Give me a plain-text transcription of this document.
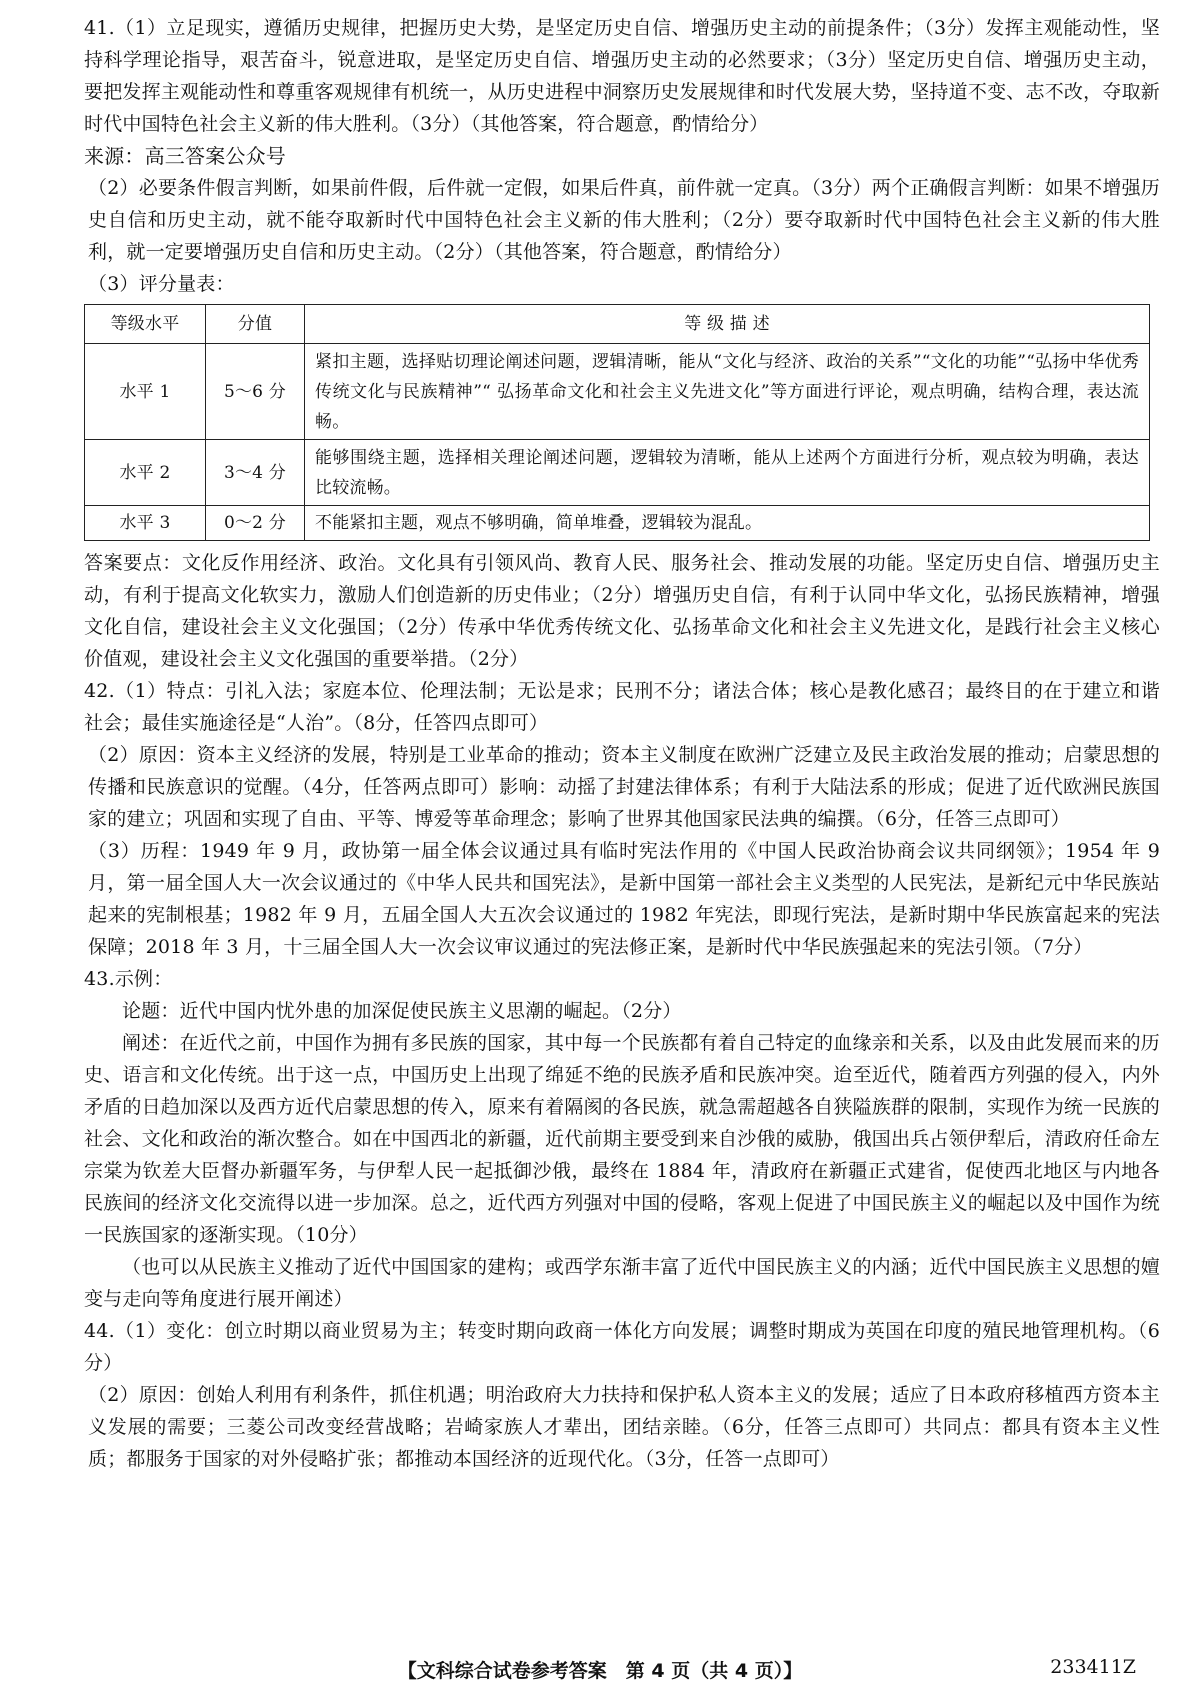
41.（1）立足现实，遵循历史规律，把握历史大势，是坚定历史自信、增强历史主动的前提条件；（3分）发挥主观能动性，坚持科学理论指导，艰苦奋斗，锐意进取，是坚定历史自信、增强历史主动的必然要求；（3分）坚定历史自信、增强历史主动，要把发挥主观能动性和尊重客观规律有机统一，从历史进程中洞察历史发展规律和时代发展大势，坚持道不变、志不改，夺取新时代中国特色社会主义新的伟大胜利。（3分）（其他答案，符合题意，酌情给分）

来源：高三答案公众号

（2）必要条件假言判断，如果前件假，后件就一定假，如果后件真，前件就一定真。（3分）两个正确假言判断：如果不增强历史自信和历史主动，就不能夺取新时代中国特色社会主义新的伟大胜利；（2分）要夺取新时代中国特色社会主义新的伟大胜利，就一定要增强历史自信和历史主动。（2分）（其他答案，符合题意，酌情给分）

（3）评分量表：

等级水平	分值	等 级 描 述
水平 1	5～6 分	紧扣主题，选择贴切理论阐述问题，逻辑清晰，能从“文化与经济、政治的关系”“文化的功能”“弘扬中华优秀传统文化与民族精神”“ 弘扬革命文化和社会主义先进文化”等方面进行评论，观点明确，结构合理，表达流畅。
水平 2	3～4 分	能够围绕主题，选择相关理论阐述问题，逻辑较为清晰，能从上述两个方面进行分析，观点较为明确，表达比较流畅。
水平 3	0～2 分	不能紧扣主题，观点不够明确，简单堆叠，逻辑较为混乱。

答案要点：文化反作用经济、政治。文化具有引领风尚、教育人民、服务社会、推动发展的功能。坚定历史自信、增强历史主动，有利于提高文化软实力，激励人们创造新的历史伟业；（2分）增强历史自信，有利于认同中华文化，弘扬民族精神，增强文化自信，建设社会主义文化强国；（2分）传承中华优秀传统文化、弘扬革命文化和社会主义先进文化，是践行社会主义核心价值观，建设社会主义文化强国的重要举措。（2分）

42.（1）特点：引礼入法；家庭本位、伦理法制；无讼是求；民刑不分；诸法合体；核心是教化感召；最终目的在于建立和谐社会；最佳实施途径是“人治”。（8分，任答四点即可）

（2）原因：资本主义经济的发展，特别是工业革命的推动；资本主义制度在欧洲广泛建立及民主政治发展的推动；启蒙思想的传播和民族意识的觉醒。（4分，任答两点即可）影响：动摇了封建法律体系；有利于大陆法系的形成；促进了近代欧洲民族国家的建立；巩固和实现了自由、平等、博爱等革命理念；影响了世界其他国家民法典的编撰。（6分，任答三点即可）

（3）历程：1949 年 9 月，政协第一届全体会议通过具有临时宪法作用的《中国人民政治协商会议共同纲领》；1954 年 9 月，第一届全国人大一次会议通过的《中华人民共和国宪法》，是新中国第一部社会主义类型的人民宪法，是新纪元中华民族站起来的宪制根基；1982 年 9 月，五届全国人大五次会议通过的 1982 年宪法，即现行宪法，是新时期中华民族富起来的宪法保障；2018 年 3 月，十三届全国人大一次会议审议通过的宪法修正案，是新时代中华民族强起来的宪法引领。（7分）

43.示例：

论题：近代中国内忧外患的加深促使民族主义思潮的崛起。（2分）

阐述：在近代之前，中国作为拥有多民族的国家，其中每一个民族都有着自己特定的血缘亲和关系，以及由此发展而来的历史、语言和文化传统。出于这一点，中国历史上出现了绵延不绝的民族矛盾和民族冲突。迨至近代，随着西方列强的侵入，内外矛盾的日趋加深以及西方近代启蒙思想的传入，原来有着隔阂的各民族，就急需超越各自狭隘族群的限制，实现作为统一民族的社会、文化和政治的渐次整合。如在中国西北的新疆，近代前期主要受到来自沙俄的威胁，俄国出兵占领伊犁后，清政府任命左宗棠为钦差大臣督办新疆军务，与伊犁人民一起抵御沙俄，最终在 1884 年，清政府在新疆正式建省，促使西北地区与内地各民族间的经济文化交流得以进一步加深。总之，近代西方列强对中国的侵略，客观上促进了中国民族主义的崛起以及中国作为统一民族国家的逐渐实现。（10分）

（也可以从民族主义推动了近代中国国家的建构；或西学东渐丰富了近代中国民族主义的内涵；近代中国民族主义思想的嬗变与走向等角度进行展开阐述）

44.（1）变化：创立时期以商业贸易为主；转变时期向政商一体化方向发展；调整时期成为英国在印度的殖民地管理机构。（6分）

（2）原因：创始人利用有利条件，抓住机遇；明治政府大力扶持和保护私人资本主义的发展；适应了日本政府移植西方资本主义发展的需要；三菱公司改变经营战略；岩崎家族人才辈出，团结亲睦。（6分，任答三点即可）共同点：都具有资本主义性质；都服务于国家的对外侵略扩张；都推动本国经济的近现代化。（3分，任答一点即可）

【文科综合试卷参考答案　第 4 页（共 4 页）】	233411Z
